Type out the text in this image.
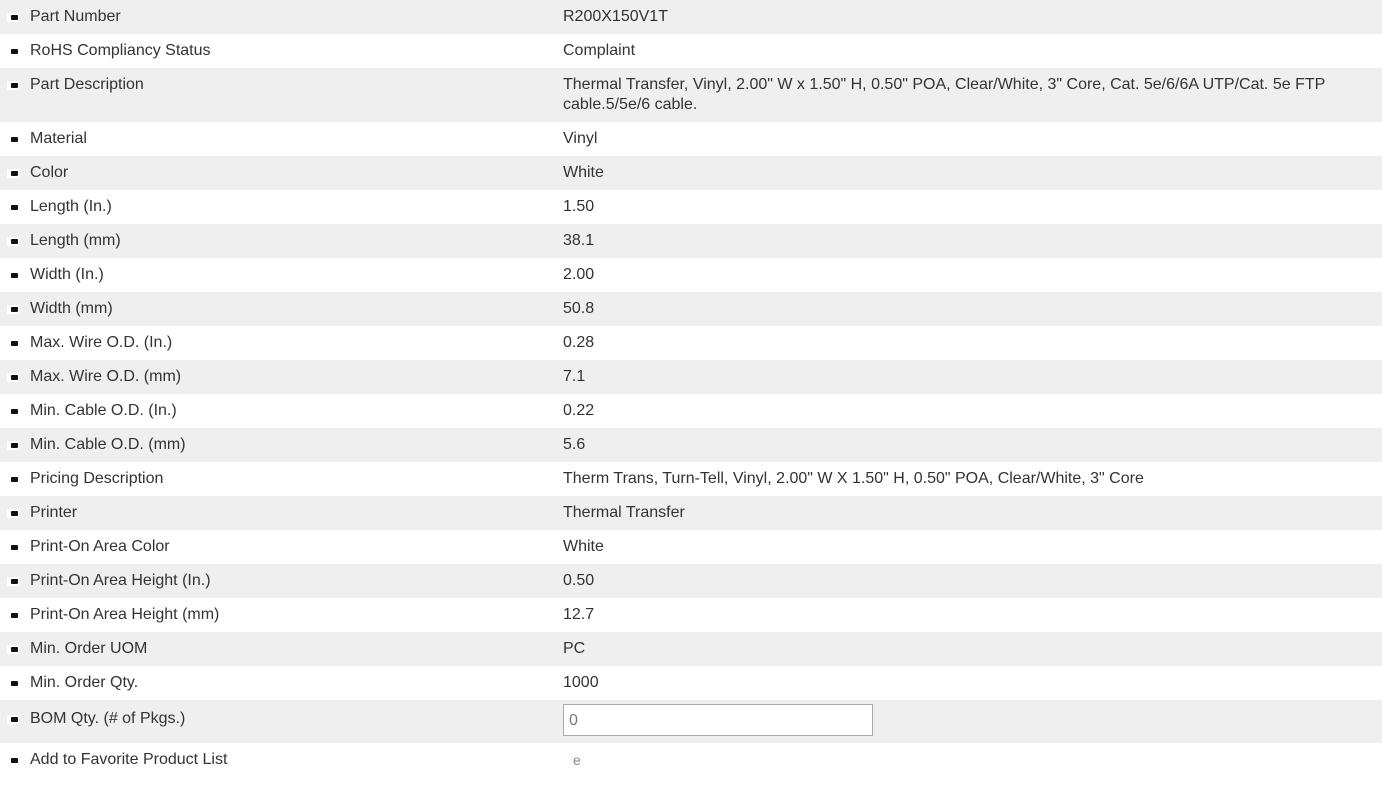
Part Number	R200X150V1T
RoHS Compliancy Status	Complaint
Part Description	Thermal Transfer, Vinyl, 2.00" W x 1.50" H, 0.50" POA, Clear/White, 3" Core, Cat. 5e/6/6A UTP/Cat. 5e FTP cable.5/5e/6 cable.
Material	Vinyl
Color	White
Length (In.)	1.50
Length (mm)	38.1
Width (In.)	2.00
Width (mm)	50.8
Max. Wire O.D. (In.)	0.28
Max. Wire O.D. (mm)	7.1
Min. Cable O.D. (In.)	0.22
Min. Cable O.D. (mm)	5.6
Pricing Description	Therm Trans, Turn-Tell, Vinyl, 2.00" W X 1.50" H, 0.50" POA, Clear/White, 3" Core
Printer	Thermal Transfer
Print-On Area Color	White
Print-On Area Height (In.)	0.50
Print-On Area Height (mm)	12.7
Min. Order UOM	PC
Min. Order Qty.	1000
BOM Qty. (# of Pkgs.)	0
Add to Favorite Product List	e
